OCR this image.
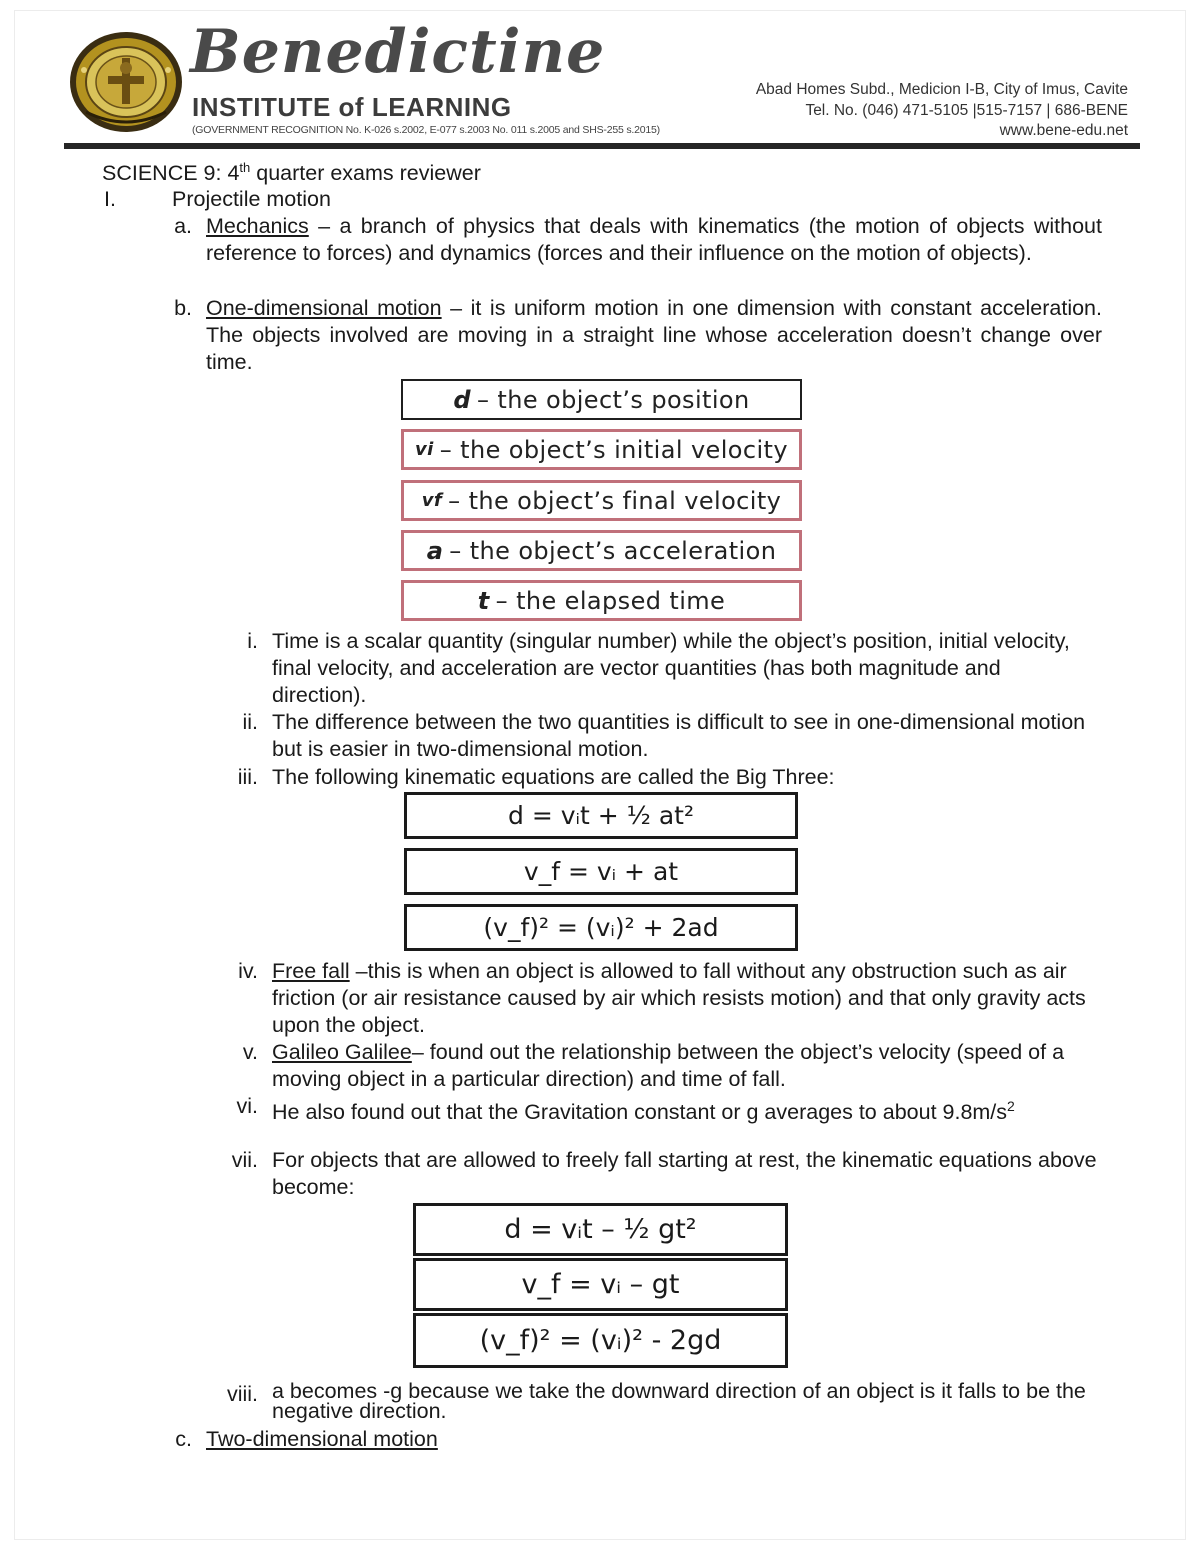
Benedictine
INSTITUTE of LEARNING
(GOVERNMENT RECOGNITION No. K-026 s.2002, E-077 s.2003 No. 011 s.2005 and SHS-255 s.2015)
Abad Homes Subd., Medicion I-B, City of Imus, Cavite
Tel. No. (046) 471-5105 |515-7157 | 686-BENE
www.bene-edu.net
SCIENCE 9: 4th quarter exams reviewer
I.	Projectile motion
a. Mechanics – a branch of physics that deals with kinematics (the motion of objects without reference to forces) and dynamics (forces and their influence on the motion of objects).
b. One-dimensional motion – it is uniform motion in one dimension with constant acceleration. The objects involved are moving in a straight line whose acceleration doesn’t change over time.
d – the object’s position
vi – the object’s initial velocity
vf – the object’s final velocity
a – the object’s acceleration
t – the elapsed time
i. Time is a scalar quantity (singular number) while the object’s position, initial velocity, final velocity, and acceleration are vector quantities (has both magnitude and direction).
ii. The difference between the two quantities is difficult to see in one-dimensional motion but is easier in two-dimensional motion.
iii. The following kinematic equations are called the Big Three:
d = vᵢt + ½ at²
v_f = vᵢ + at
(v_f)² = (vᵢ)² + 2ad
iv. Free fall –this is when an object is allowed to fall without any obstruction such as air friction (or air resistance caused by air which resists motion) and that only gravity acts upon the object.
v. Galileo Galilee– found out the relationship between the object’s velocity (speed of a moving object in a particular direction) and time of fall.
vi. He also found out that the Gravitation constant or g averages to about $9.8m/s^2$
vii. For objects that are allowed to freely fall starting at rest, the kinematic equations above become:
d = vᵢt – ½ gt²
v_f = vᵢ – gt
(v_f)² = (vᵢ)² - 2gd
viii. a becomes -g because we take the downward direction of an object is it falls to be the negative direction.
c. Two-dimensional motion
